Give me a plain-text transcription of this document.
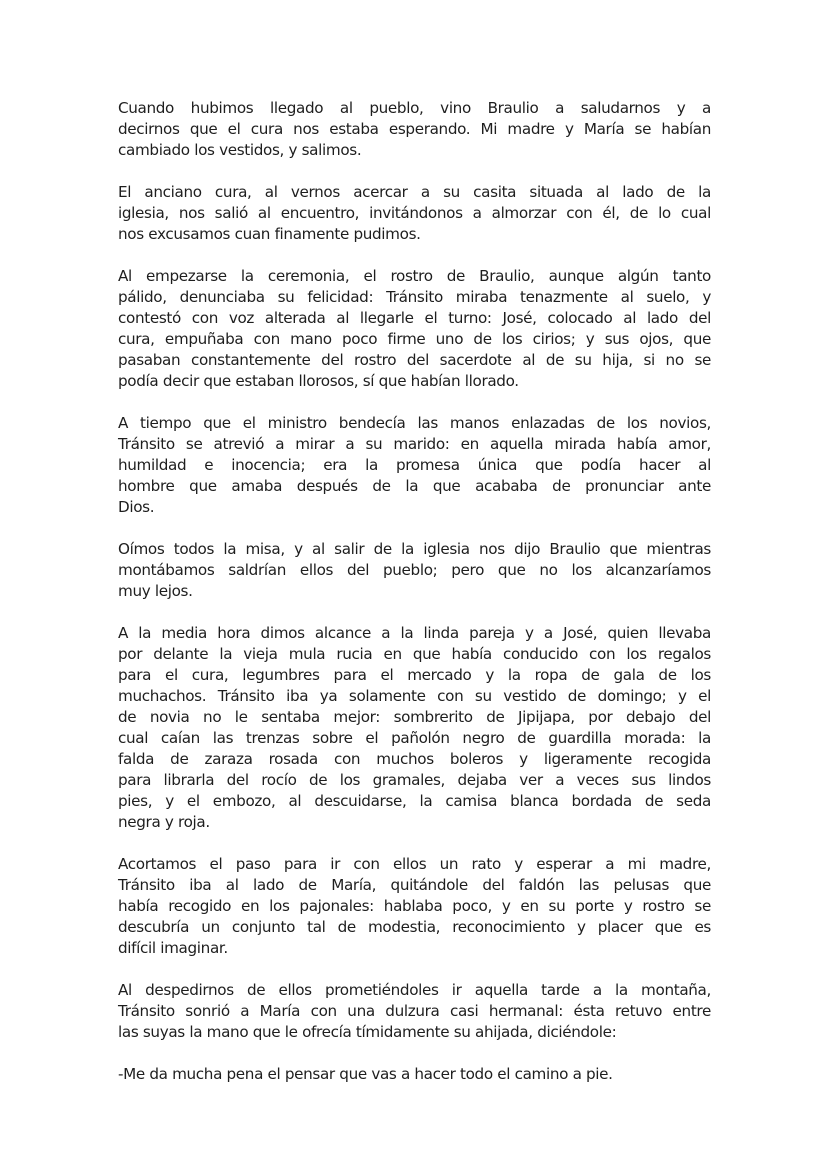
Cuando hubimos llegado al pueblo, vino Braulio a saludarnos y a
decirnos que el cura nos estaba esperando. Mi madre y María se habían
cambiado los vestidos, y salimos.

El anciano cura, al vernos acercar a su casita situada al lado de la
iglesia, nos salió al encuentro, invitándonos a almorzar con él, de lo cual
nos excusamos cuan finamente pudimos.

Al empezarse la ceremonia, el rostro de Braulio, aunque algún tanto
pálido, denunciaba su felicidad: Tránsito miraba tenazmente al suelo, y
contestó con voz alterada al llegarle el turno: José, colocado al lado del
cura, empuñaba con mano poco firme uno de los cirios; y sus ojos, que
pasaban constantemente del rostro del sacerdote al de su hija, si no se
podía decir que estaban llorosos, sí que habían llorado.

A tiempo que el ministro bendecía las manos enlazadas de los novios,
Tránsito se atrevió a mirar a su marido: en aquella mirada había amor,
humildad e inocencia; era la promesa única que podía hacer al
hombre que amaba después de la que acababa de pronunciar ante
Dios.

Oímos todos la misa, y al salir de la iglesia nos dijo Braulio que mientras
montábamos saldrían ellos del pueblo; pero que no los alcanzaríamos
muy lejos.

A la media hora dimos alcance a la linda pareja y a José, quien llevaba
por delante la vieja mula rucia en que había conducido con los regalos
para el cura, legumbres para el mercado y la ropa de gala de los
muchachos. Tránsito iba ya solamente con su vestido de domingo; y el
de novia no le sentaba mejor: sombrerito de Jipijapa, por debajo del
cual caían las trenzas sobre el pañolón negro de guardilla morada: la
falda de zaraza rosada con muchos boleros y ligeramente recogida
para librarla del rocío de los gramales, dejaba ver a veces sus lindos
pies, y el embozo, al descuidarse, la camisa blanca bordada de seda
negra y roja.

Acortamos el paso para ir con ellos un rato y esperar a mi madre,
Tránsito iba al lado de María, quitándole del faldón las pelusas que
había recogido en los pajonales: hablaba poco, y en su porte y rostro se
descubría un conjunto tal de modestia, reconocimiento y placer que es
difícil imaginar.

Al despedirnos de ellos prometiéndoles ir aquella tarde a la montaña,
Tránsito sonrió a María con una dulzura casi hermanal: ésta retuvo entre
las suyas la mano que le ofrecía tímidamente su ahijada, diciéndole:

-Me da mucha pena el pensar que vas a hacer todo el camino a pie.
